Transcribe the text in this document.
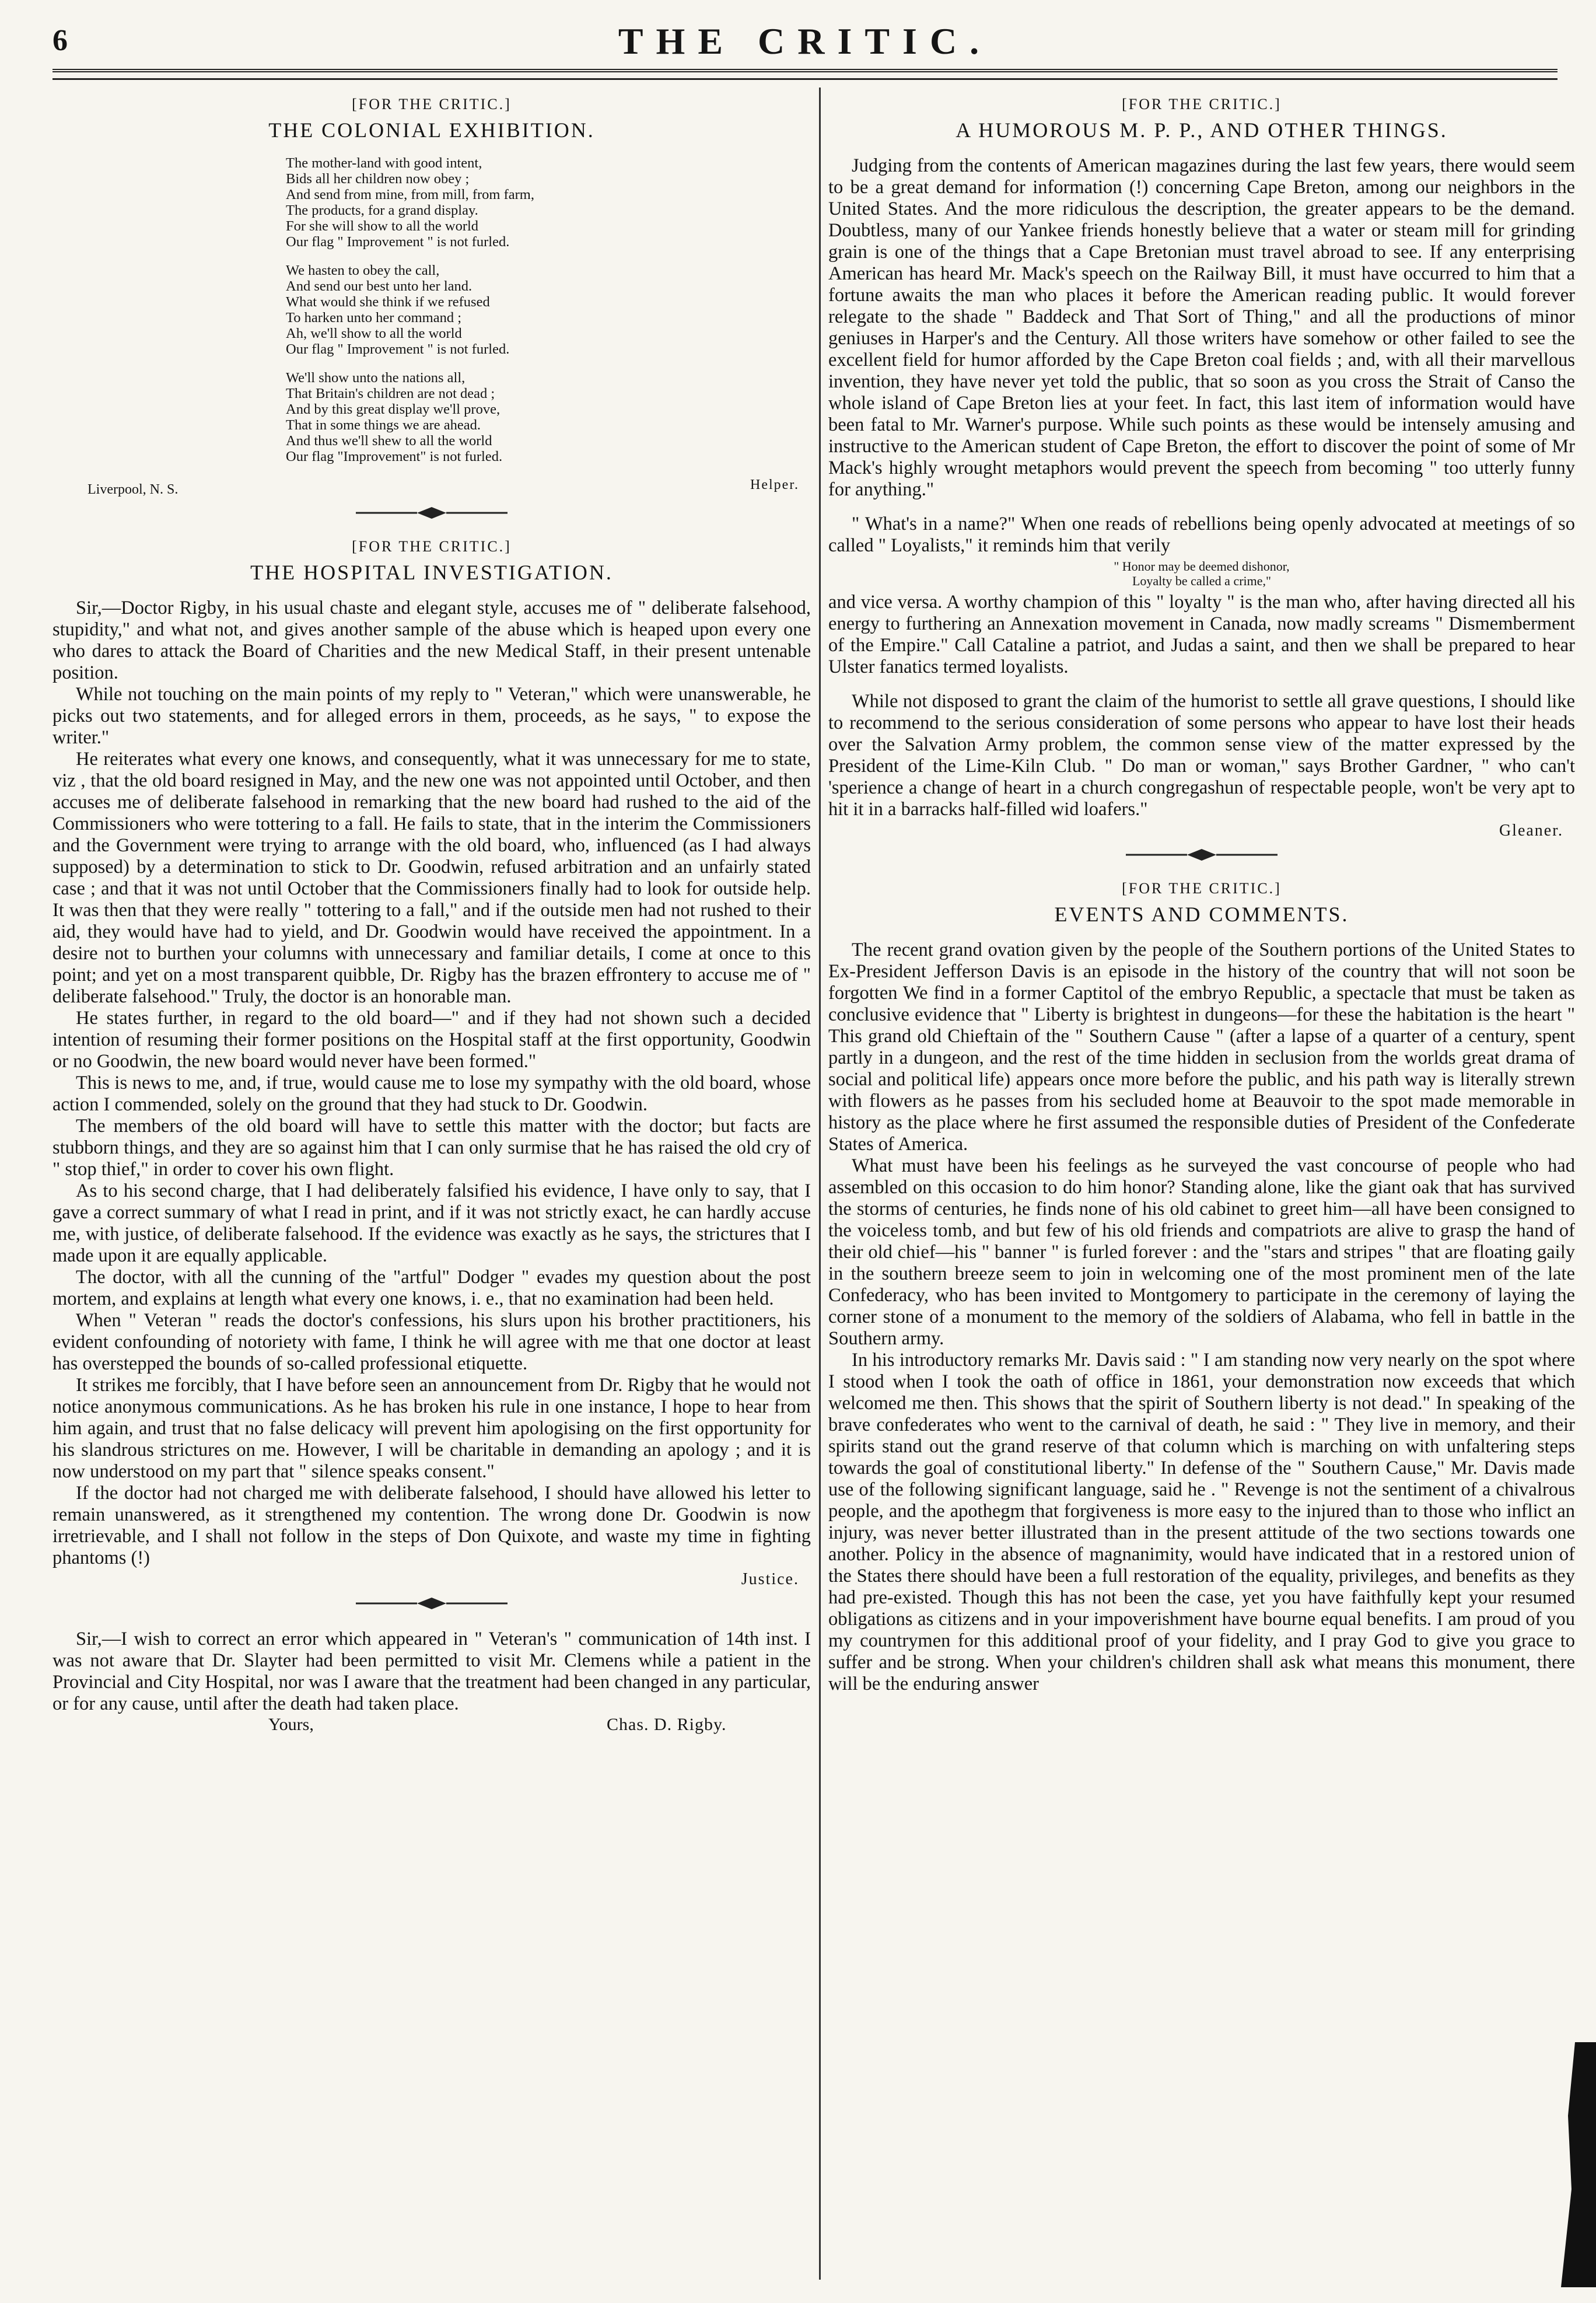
6	THE CRITIC.
[FOR THE CRITIC.]
THE COLONIAL EXHIBITION.
The mother-land with good intent,
Bids all her children now obey ;
And send from mine, from mill, from farm,
The products, for a grand display.
For she will show to all the world
Our flag " Improvement " is not furled.
We hasten to obey the call,
And send our best unto her land.
What would she think if we refused
To harken unto her command ;
Ah, we'll show to all the world
Our flag " Improvement " is not furled.
We'll show unto the nations all,
That Britain's children are not dead ;
And by this great display we'll prove,
That in some things we are ahead.
And thus we'll shew to all the world
Our flag "Improvement" is not furled.
Liverpool, N. S.	Helper.
[FOR THE CRITIC.]
THE HOSPITAL INVESTIGATION.

Sir,—Doctor Rigby, in his usual chaste and elegant style, accuses me of " deliberate falsehood, stupidity," and what not, and gives another sample of the abuse which is heaped upon every one who dares to attack the Board of Charities and the new Medical Staff, in their present untenable position.

While not touching on the main points of my reply to " Veteran," which were unanswerable, he picks out two statements, and for alleged errors in them, proceeds, as he says, " to expose the writer."

He reiterates what every one knows, and consequently, what it was unnecessary for me to state, viz , that the old board resigned in May, and the new one was not appointed until October, and then accuses me of deliberate falsehood in remarking that the new board had rushed to the aid of the Commissioners who were tottering to a fall. He fails to state, that in the interim the Commissioners and the Government were trying to arrange with the old board, who, influenced (as I had always supposed) by a determination to stick to Dr. Goodwin, refused arbitration and an unfairly stated case ; and that it was not until October that the Commissioners finally had to look for outside help. It was then that they were really " tottering to a fall," and if the outside men had not rushed to their aid, they would have had to yield, and Dr. Goodwin would have received the appointment. In a desire not to burthen your columns with unnecessary and familiar details, I come at once to this point; and yet on a most transparent quibble, Dr. Rigby has the brazen effrontery to accuse me of " deliberate falsehood." Truly, the doctor is an honorable man.

He states further, in regard to the old board—" and if they had not shown such a decided intention of resuming their former positions on the Hospital staff at the first opportunity, Goodwin or no Goodwin, the new board would never have been formed."

This is news to me, and, if true, would cause me to lose my sympathy with the old board, whose action I commended, solely on the ground that they had stuck to Dr. Goodwin.

The members of the old board will have to settle this matter with the doctor; but facts are stubborn things, and they are so against him that I can only surmise that he has raised the old cry of " stop thief," in order to cover his own flight.

As to his second charge, that I had deliberately falsified his evidence, I have only to say, that I gave a correct summary of what I read in print, and if it was not strictly exact, he can hardly accuse me, with justice, of deliberate falsehood. If the evidence was exactly as he says, the strictures that I made upon it are equally applicable.

The doctor, with all the cunning of the "artful" Dodger " evades my question about the post mortem, and explains at length what every one knows, i. e., that no examination had been held.

When " Veteran " reads the doctor's confessions, his slurs upon his brother practitioners, his evident confounding of notoriety with fame, I think he will agree with me that one doctor at least has overstepped the bounds of so-called professional etiquette.

It strikes me forcibly, that I have before seen an announcement from Dr. Rigby that he would not notice anonymous communications. As he has broken his rule in one instance, I hope to hear from him again, and trust that no false delicacy will prevent him apologising on the first opportunity for his slandrous strictures on me. However, I will be charitable in demanding an apology ; and it is now understood on my part that " silence speaks consent."

If the doctor had not charged me with deliberate falsehood, I should have allowed his letter to remain unanswered, as it strengthened my contention. The wrong done Dr. Goodwin is now irretrievable, and I shall not follow in the steps of Don Quixote, and waste my time in fighting phantoms (!)

Justice.

Sir,—I wish to correct an error which appeared in " Veteran's " communication of 14th inst. I was not aware that Dr. Slayter had been permitted to visit Mr. Clemens while a patient in the Provincial and City Hospital, nor was I aware that the treatment had been changed in any particular, or for any cause, until after the death had taken place.

Yours,	Chas. D. Rigby.
[FOR THE CRITIC.]
A HUMOROUS M. P. P., AND OTHER THINGS.

Judging from the contents of American magazines during the last few years, there would seem to be a great demand for information (!) concerning Cape Breton, among our neighbors in the United States. And the more ridiculous the description, the greater appears to be the demand. Doubtless, many of our Yankee friends honestly believe that a water or steam mill for grinding grain is one of the things that a Cape Bretonian must travel abroad to see. If any enterprising American has heard Mr. Mack's speech on the Railway Bill, it must have occurred to him that a fortune awaits the man who places it before the American reading public. It would forever relegate to the shade " Baddeck and That Sort of Thing," and all the productions of minor geniuses in Harper's and the Century. All those writers have somehow or other failed to see the excellent field for humor afforded by the Cape Breton coal fields ; and, with all their marvellous invention, they have never yet told the public, that so soon as you cross the Strait of Canso the whole island of Cape Breton lies at your feet. In fact, this last item of information would have been fatal to Mr. Warner's purpose. While such points as these would be intensely amusing and instructive to the American student of Cape Breton, the effort to discover the point of some of Mr Mack's highly wrought metaphors would prevent the speech from becoming " too utterly funny for anything."

" What's in a name?" When one reads of rebellions being openly advocated at meetings of so called " Loyalists," it reminds him that verily

" Honor may be deemed dishonor,
Loyalty be called a crime,"

and vice versa. A worthy champion of this " loyalty " is the man who, after having directed all his energy to furthering an Annexation movement in Canada, now madly screams " Dismemberment of the Empire." Call Cataline a patriot, and Judas a saint, and then we shall be prepared to hear Ulster fanatics termed loyalists.

While not disposed to grant the claim of the humorist to settle all grave questions, I should like to recommend to the serious consideration of some persons who appear to have lost their heads over the Salvation Army problem, the common sense view of the matter expressed by the President of the Lime-Kiln Club. " Do man or woman," says Brother Gardner, " who can't 'sperience a change of heart in a church congregashun of respectable people, won't be very apt to hit it in a barracks half-filled wid loafers."

Gleaner.
[FOR THE CRITIC.]
EVENTS AND COMMENTS.

The recent grand ovation given by the people of the Southern portions of the United States to Ex-President Jefferson Davis is an episode in the history of the country that will not soon be forgotten We find in a former Captitol of the embryo Republic, a spectacle that must be taken as conclusive evidence that " Liberty is brightest in dungeons—for these the habitation is the heart " This grand old Chieftain of the " Southern Cause " (after a lapse of a quarter of a century, spent partly in a dungeon, and the rest of the time hidden in seclusion from the worlds great drama of social and political life) appears once more before the public, and his path way is literally strewn with flowers as he passes from his secluded home at Beauvoir to the spot made memorable in history as the place where he first assumed the responsible duties of President of the Confederate States of America.

What must have been his feelings as he surveyed the vast concourse of people who had assembled on this occasion to do him honor? Standing alone, like the giant oak that has survived the storms of centuries, he finds none of his old cabinet to greet him—all have been consigned to the voiceless tomb, and but few of his old friends and compatriots are alive to grasp the hand of their old chief—his " banner " is furled forever : and the "stars and stripes " that are floating gaily in the southern breeze seem to join in welcoming one of the most prominent men of the late Confederacy, who has been invited to Montgomery to participate in the ceremony of laying the corner stone of a monument to the memory of the soldiers of Alabama, who fell in battle in the Southern army.

In his introductory remarks Mr. Davis said : " I am standing now very nearly on the spot where I stood when I took the oath of office in 1861, your demonstration now exceeds that which welcomed me then. This shows that the spirit of Southern liberty is not dead." In speaking of the brave confederates who went to the carnival of death, he said : " They live in memory, and their spirits stand out the grand reserve of that column which is marching on with unfaltering steps towards the goal of constitutional liberty." In defense of the " Southern Cause," Mr. Davis made use of the following significant language, said he . " Revenge is not the sentiment of a chivalrous people, and the apothegm that forgiveness is more easy to the injured than to those who inflict an injury, was never better illustrated than in the present attitude of the two sections towards one another. Policy in the absence of magnanimity, would have indicated that in a restored union of the States there should have been a full restoration of the equality, privileges, and benefits as they had pre-existed. Though this has not been the case, yet you have faithfully kept your resumed obligations as citizens and in your impoverishment have bourne equal benefits. I am proud of you my countrymen for this additional proof of your fidelity, and I pray God to give you grace to suffer and be strong. When your children's children shall ask what means this monument, there will be the enduring answer
